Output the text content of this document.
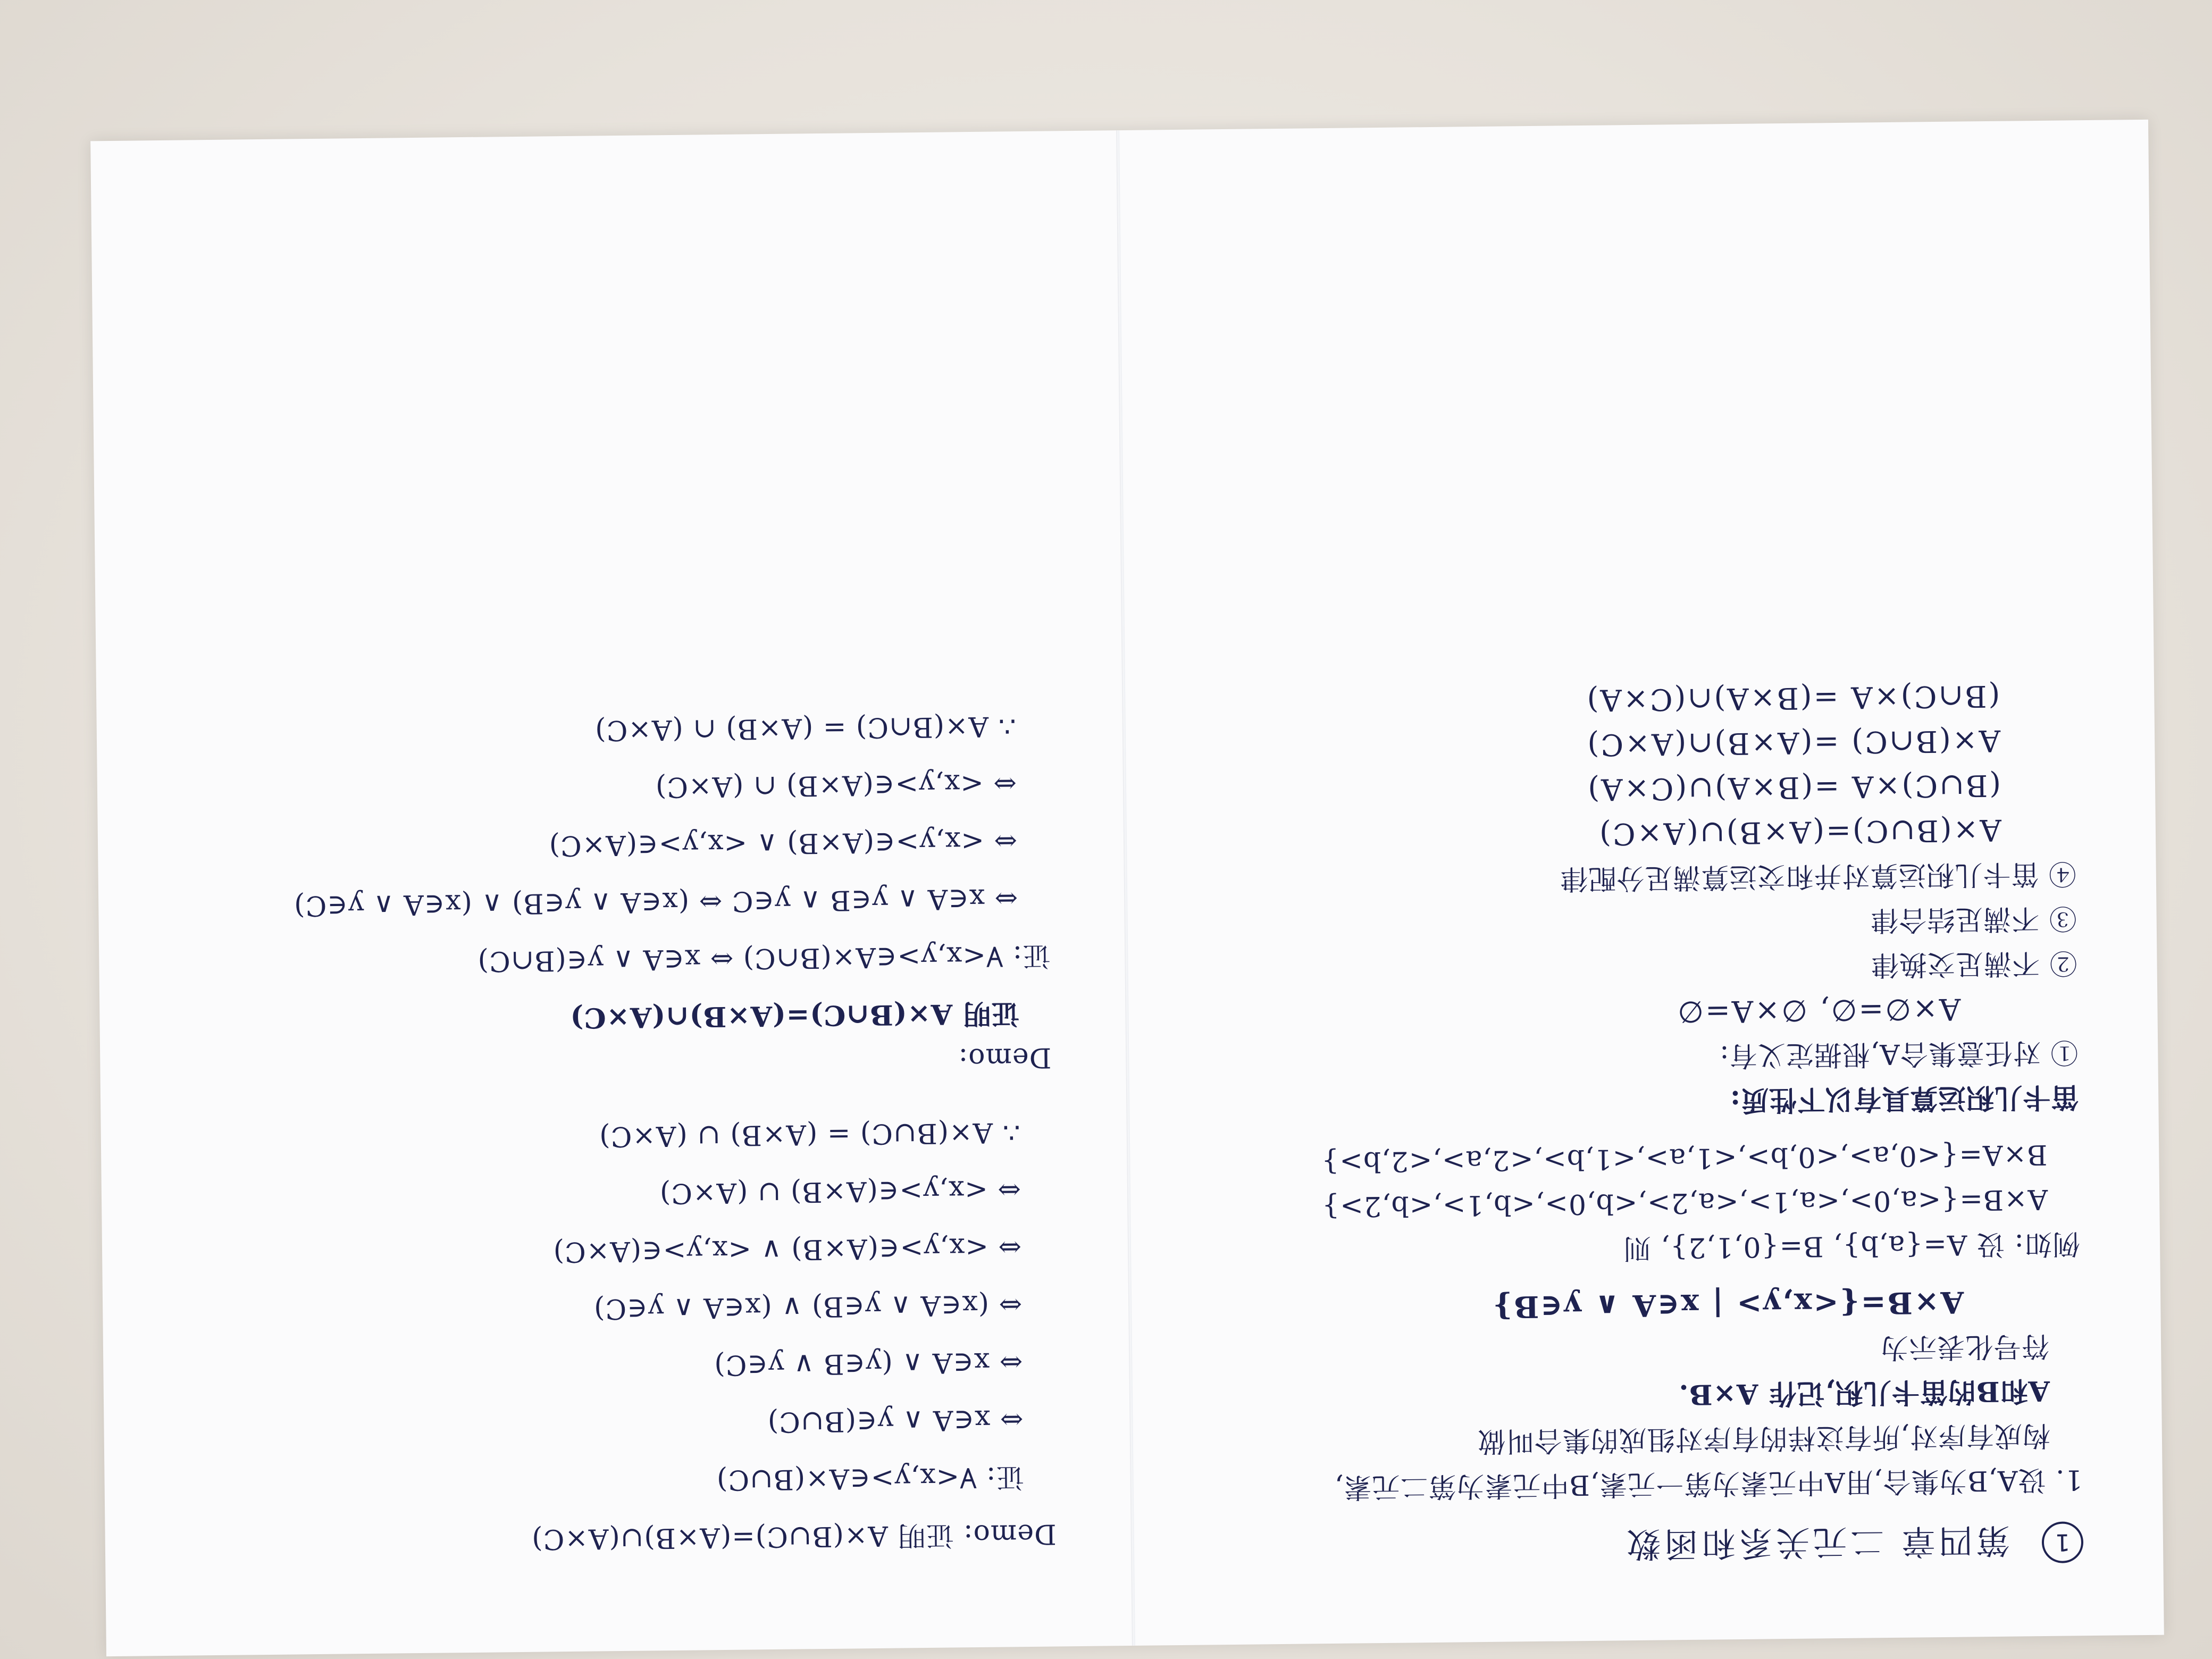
1
第四章 二元关系和函数
1. 设A,B为集合,用A中元素为第一元素,B中元素为第二元素,
构成有序对,所有这样的有序对组成的集合叫做
A和B的笛卡儿积,记作 A×B.
符号化表示为
A×B={<x,y> | x∈A ∧ y∈B}
例如: 设 A={a,b}, B={0,1,2}, 则
A×B={<a,0>,<a,1>,<a,2>,<b,0>,<b,1>,<b,2>}
B×A={<0,a>,<0,b>,<1,a>,<1,b>,<2,a>,<2,b>}
笛卡儿积运算具有以下性质:
① 对任意集合A,根据定义有:
A×∅=∅, ∅×A=∅
② 不满足交换律
③ 不满足结合律
④ 笛卡儿积运算对并和交运算满足分配律
A×(B∪C)=(A×B)∪(A×C)
(B∪C)×A =(B×A)∪(C×A)
A×(B∩C) =(A×B)∩(A×C)
(B∩C)×A =(B×A)∩(C×A)
Demo: 证明 A×(B∪C)=(A×B)∪(A×C)
证: ∀<x,y>∈A×(B∪C)
⇔ x∈A ∧ y∈(B∪C)
⇔ x∈A ∧ (y∈B ∨ y∈C)
⇔ (x∈A ∧ y∈B) ∨ (x∈A ∧ y∈C)
⇔ <x,y>∈(A×B) ∨ <x,y>∈(A×C)
⇔ <x,y>∈(A×B) ∪ (A×C)
∴ A×(B∪C) = (A×B) ∪ (A×C)
Demo:
证明 A×(B∩C)=(A×B)∩(A×C)
证: ∀<x,y>∈A×(B∩C) ⇔ x∈A ∧ y∈(B∩C)
⇔ x∈A ∧ y∈B ∧ y∈C ⇔ (x∈A ∧ y∈B) ∧ (x∈A ∧ y∈C)
⇔ <x,y>∈(A×B) ∧ <x,y>∈(A×C)
⇔ <x,y>∈(A×B) ∩ (A×C)
∴ A×(B∩C) = (A×B) ∩ (A×C)
